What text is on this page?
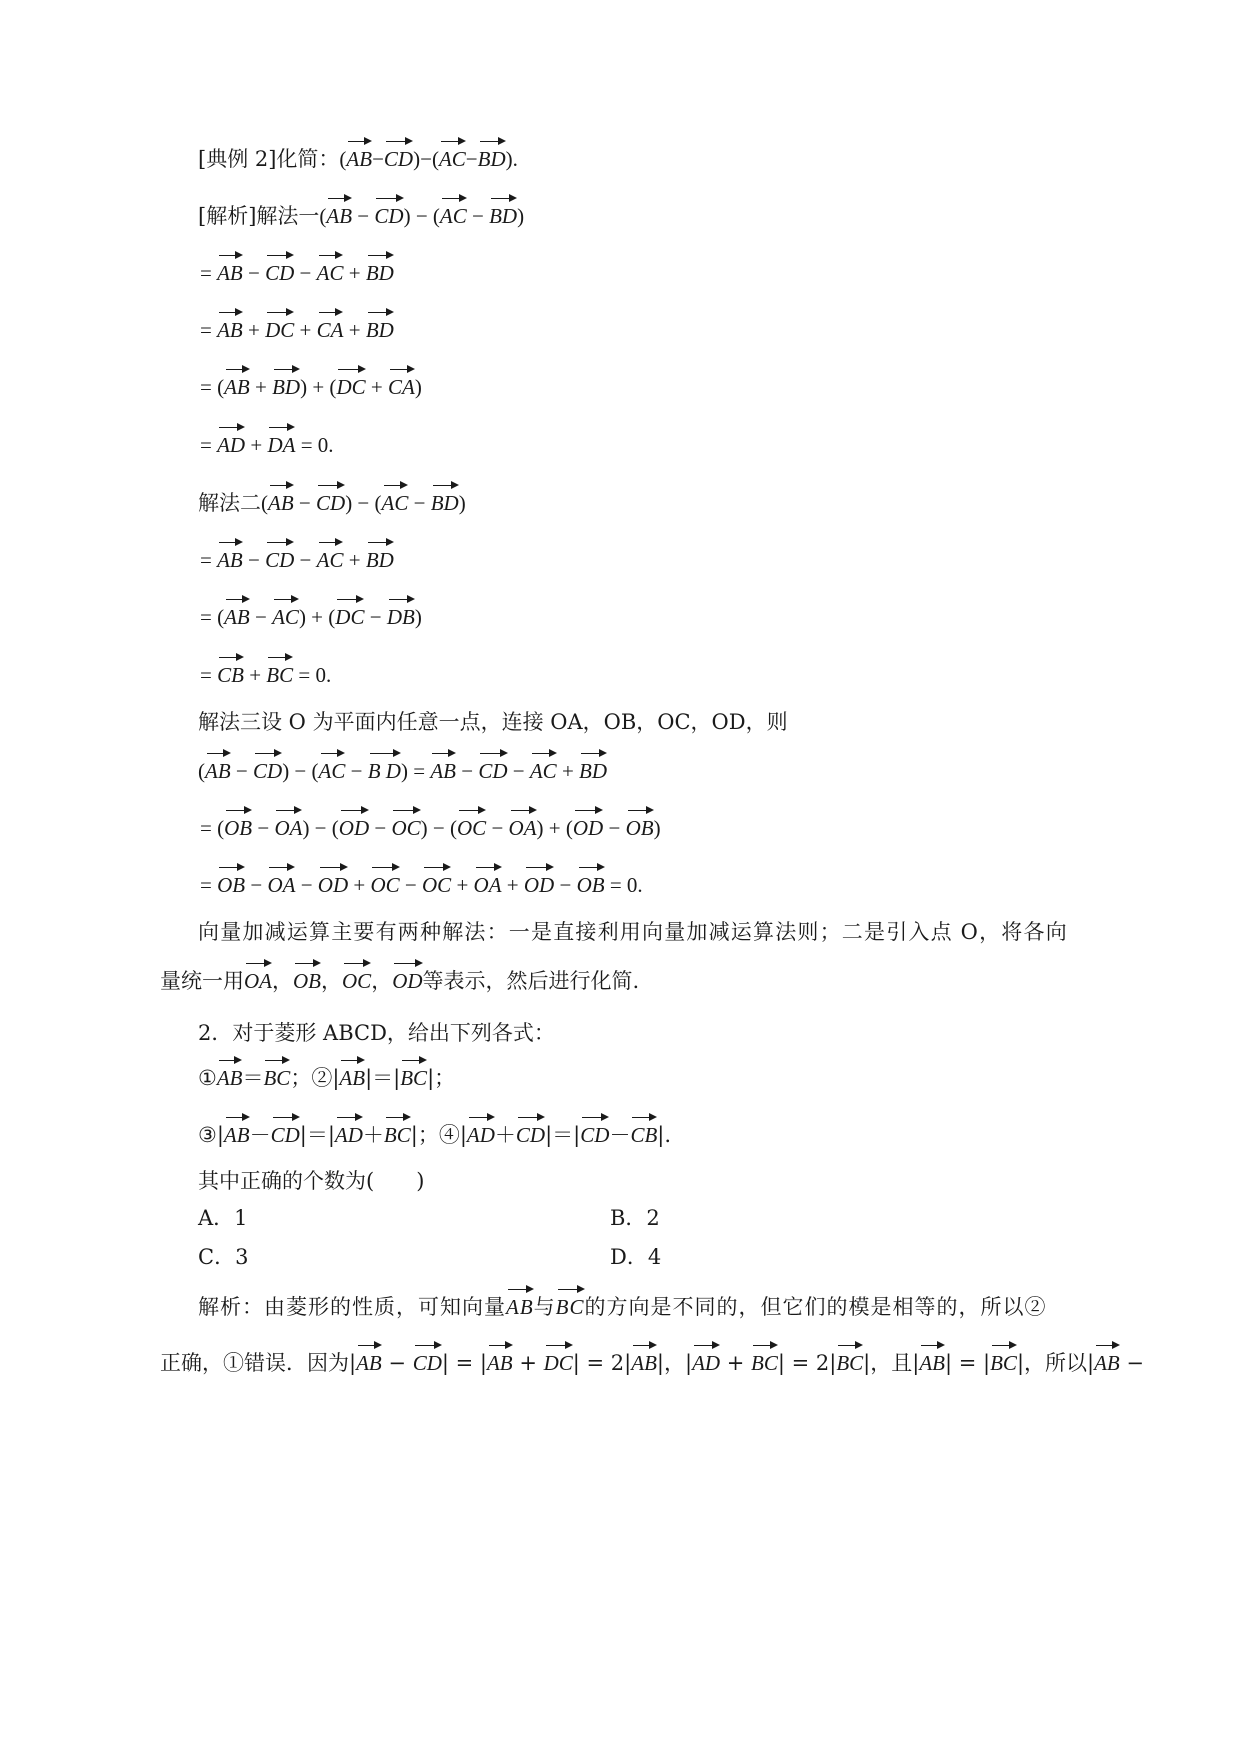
[典例 2]化简：(AB−CD)−(AC−BD).
[解析]解法一(AB − CD) − (AC − BD)
= AB − CD − AC + BD
= AB + DC + CA + BD
= (AB + BD) + (DC + CA)
= AD + DA = 0.
解法二(AB − CD) − (AC − BD)
= AB − CD − AC + BD
= (AB − AC) + (DC − DB)
= CB + BC = 0.
解法三设 O 为平面内任意一点，连接 OA，OB，OC，OD，则
(AB − CD) − (AC − B D) = AB − CD − AC + BD
= (OB − OA) − (OD − OC) − (OC − OA) + (OD − OB)
= OB − OA − OD + OC − OC + OA + OD − OB = 0.
向量加减运算主要有两种解法：一是直接利用向量加减运算法则；二是引入点 O，将各向
量统一用OA，OB，OC，OD等表示，然后进行化简.
2．对于菱形 ABCD，给出下列各式：
①AB＝BC；②|AB|＝|BC|；
③|AB－CD|＝|AD＋BC|；④|AD＋CD|＝|CD－CB|.
其中正确的个数为(　　)
A．1	B．2
C．3	D．4
解析：由菱形的性质，可知向量AB与BC的方向是不同的，但它们的模是相等的，所以②
正确，①错误．因为|AB − CD| = |AB + DC| = 2|AB|，|AD + BC| = 2|BC|，且|AB| = |BC|，所以|AB −
